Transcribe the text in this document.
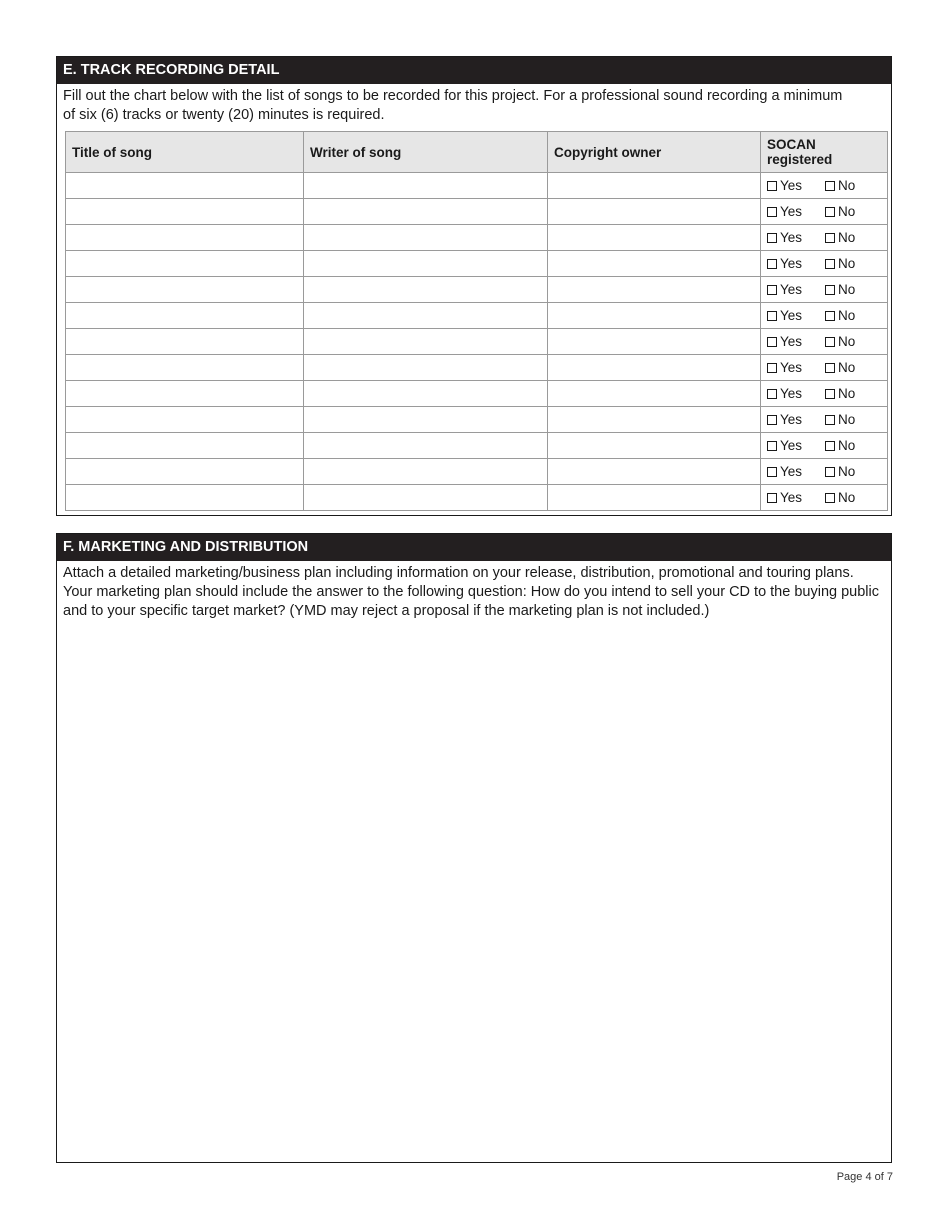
E. TRACK RECORDING DETAIL
Fill out the chart below with the list of songs to be recorded for this project. For a professional sound recording a minimum of six (6) tracks or twenty (20) minutes is required.
Title of song	Writer of song	Copyright owner	SOCAN
registered
			Yes No
			Yes No
			Yes No
			Yes No
			Yes No
			Yes No
			Yes No
			Yes No
			Yes No
			Yes No
			Yes No
			Yes No
			Yes No
F. MARKETING AND DISTRIBUTION
Attach a detailed marketing/business plan including information on your release, distribution, promotional and touring plans. Your marketing plan should include the answer to the following question: How do you intend to sell your CD to the buying public and to your specific target market? (YMD may reject a proposal if the marketing plan is not included.)
Page 4 of 7
